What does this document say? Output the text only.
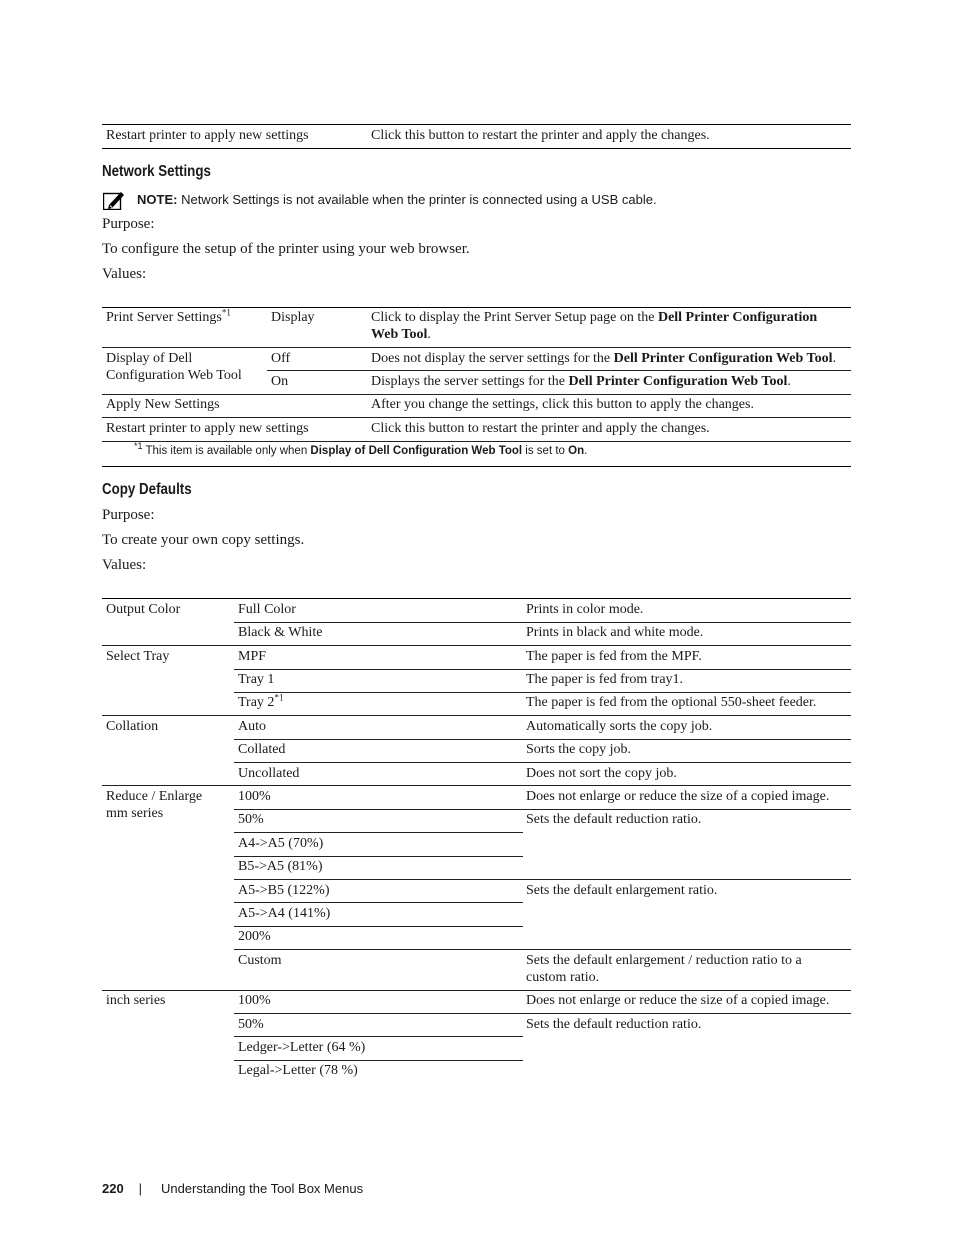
Restart printer to apply new settings	Click this button to restart the printer and apply the changes.
Network Settings
NOTE: Network Settings is not available when the printer is connected using a USB cable.
Purpose:
To configure the setup of the printer using your web browser.
Values:
Print Server Settings$^{*1}$	Display	Click to display the Print Server Setup page on the Dell Printer Configuration
Web Tool.
Display of Dell
Configuration Web Tool
Off	Does not display the server settings for the Dell Printer Configuration Web Tool.
On	Displays the server settings for the Dell Printer Configuration Web Tool.
Apply New Settings	After you change the settings, click this button to apply the changes.
Restart printer to apply new settings	Click this button to restart the printer and apply the changes.
$^{*1}$ This item is available only when Display of Dell Configuration Web Tool is set to On.
Copy Defaults
Purpose:
To create your own copy settings.
Values:
Output Color	Full Color	Prints in color mode.
Black & White	Prints in black and white mode.
Select Tray	MPF	The paper is fed from the MPF.
Tray 1	The paper is fed from tray1.
Tray 2$^{*1}$	The paper is fed from the optional 550-sheet feeder.
Collation	Auto	Automatically sorts the copy job.
Collated	Sorts the copy job.
Uncollated	Does not sort the copy job.
Reduce / Enlarge
mm series
100%	Does not enlarge or reduce the size of a copied image.
50%	Sets the default reduction ratio.
A4->A5 (70%)
B5->A5 (81%)
A5->B5 (122%)	Sets the default enlargement ratio.
A5->A4 (141%)
200%
Custom	Sets the default enlargement / reduction ratio to a
custom ratio.
inch series	100%	Does not enlarge or reduce the size of a copied image.
50%	Sets the default reduction ratio.
Ledger->Letter (64 %)
Legal->Letter (78 %)
220 | Understanding the Tool Box Menus
